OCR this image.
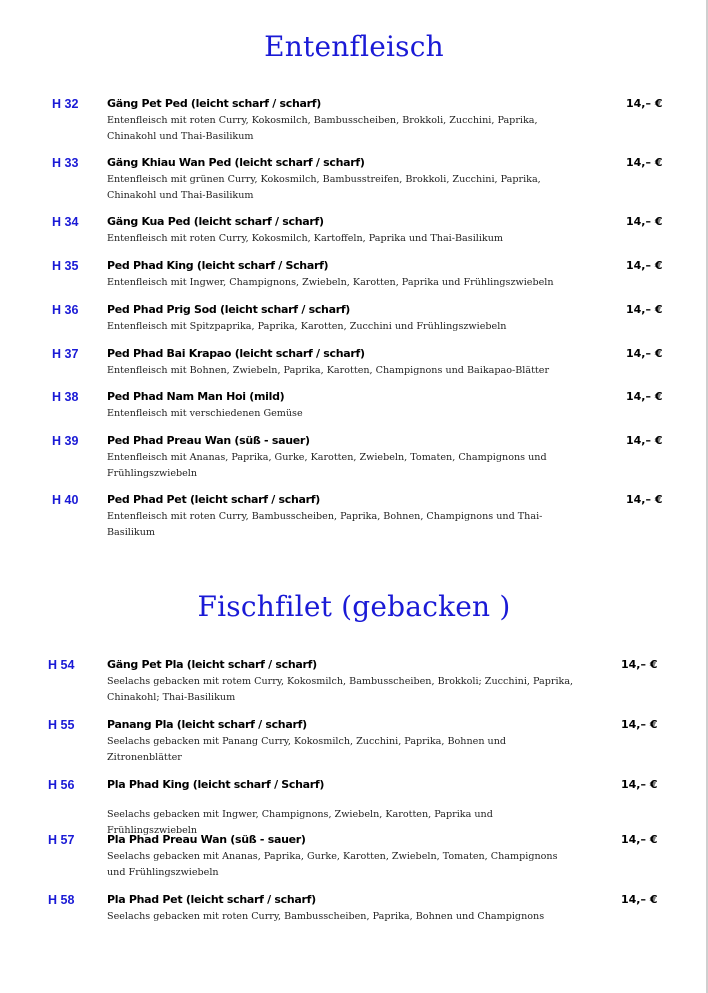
Entenfleisch
H 32	Gäng Pet Ped (leicht scharf / scharf)	14,– €
Entenfleisch mit roten Curry, Kokosmilch, Bambusscheiben, Brokkoli, Zucchini, Paprika, Chinakohl und Thai-Basilikum
H 33	Gäng Khiau Wan Ped (leicht scharf / scharf)	14,– €
Entenfleisch mit grünen Curry, Kokosmilch, Bambusstreifen, Brokkoli, Zucchini, Paprika, Chinakohl und Thai-Basilikum
H 34	Gäng Kua Ped (leicht scharf / scharf)	14,– €
Entenfleisch mit roten Curry, Kokosmilch, Kartoffeln, Paprika und Thai-Basilikum
H 35	Ped Phad King (leicht scharf / Scharf)	14,– €
Entenfleisch mit Ingwer, Champignons, Zwiebeln, Karotten, Paprika und Frühlingszwiebeln
H 36	Ped Phad Prig Sod (leicht scharf / scharf)	14,– €
Entenfleisch mit Spitzpaprika, Paprika, Karotten, Zucchini und Frühlingszwiebeln
H 37	Ped Phad Bai Krapao (leicht scharf / scharf)	14,– €
Entenfleisch mit Bohnen, Zwiebeln, Paprika, Karotten, Champignons und Baikapao-Blätter
H 38	Ped Phad Nam Man Hoi (mild)	14,– €
Entenfleisch mit verschiedenen Gemüse
H 39	Ped Phad Preau Wan (süß - sauer)	14,– €
Entenfleisch mit Ananas, Paprika, Gurke, Karotten, Zwiebeln, Tomaten, Champignons und Frühlingszwiebeln
H 40	Ped Phad Pet (leicht scharf / scharf)	14,– €
Entenfleisch mit roten Curry, Bambusscheiben, Paprika, Bohnen, Champignons und Thai-Basilikum
Fischfilet (gebacken )
H 54	Gäng Pet Pla (leicht scharf / scharf)	14,– €
Seelachs gebacken mit rotem Curry, Kokosmilch, Bambusscheiben, Brokkoli; Zucchini, Paprika, Chinakohl; Thai-Basilikum
H 55	Panang Pla (leicht scharf / scharf)	14,– €
Seelachs gebacken mit Panang Curry, Kokosmilch, Zucchini, Paprika, Bohnen und Zitronenblätter
H 56	Pla Phad King (leicht scharf / Scharf)	14,– €
Seelachs gebacken mit Ingwer, Champignons, Zwiebeln, Karotten, Paprika und Frühlingszwiebeln
H 57	Pla Phad Preau Wan (süß - sauer)	14,– €
Seelachs gebacken mit Ananas, Paprika, Gurke, Karotten, Zwiebeln, Tomaten, Champignons und Frühlingszwiebeln
H 58	Pla Phad Pet (leicht scharf / scharf)	14,– €
Seelachs gebacken mit roten Curry, Bambusscheiben, Paprika, Bohnen und Champignons
